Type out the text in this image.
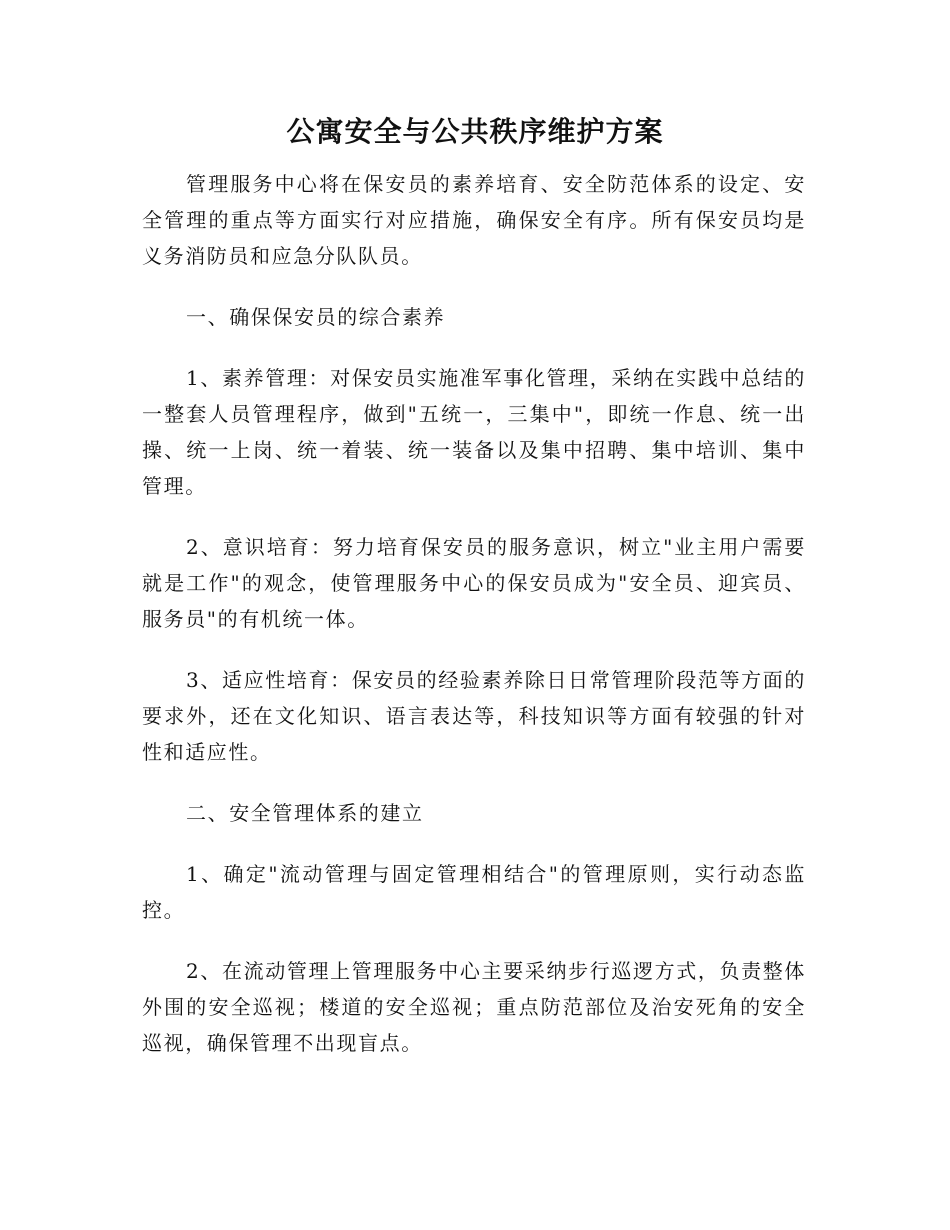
公寓安全与公共秩序维护方案

管理服务中心将在保安员的素养培育、安全防范体系的设定、安全管理的重点等方面实行对应措施，确保安全有序。所有保安员均是义务消防员和应急分队队员。

一、确保保安员的综合素养

1、素养管理：对保安员实施准军事化管理，采纳在实践中总结的一整套人员管理程序，做到"五统一，三集中"，即统一作息、统一出操、统一上岗、统一着装、统一装备以及集中招聘、集中培训、集中管理。

2、意识培育：努力培育保安员的服务意识，树立"业主用户需要就是工作"的观念，使管理服务中心的保安员成为"安全员、迎宾员、服务员"的有机统一体。

3、适应性培育：保安员的经验素养除日日常管理阶段范等方面的要求外，还在文化知识、语言表达等，科技知识等方面有较强的针对性和适应性。

二、安全管理体系的建立

1、确定"流动管理与固定管理相结合"的管理原则，实行动态监控。

2、在流动管理上管理服务中心主要采纳步行巡逻方式，负责整体外围的安全巡视；楼道的安全巡视；重点防范部位及治安死角的安全巡视，确保管理不出现盲点。
